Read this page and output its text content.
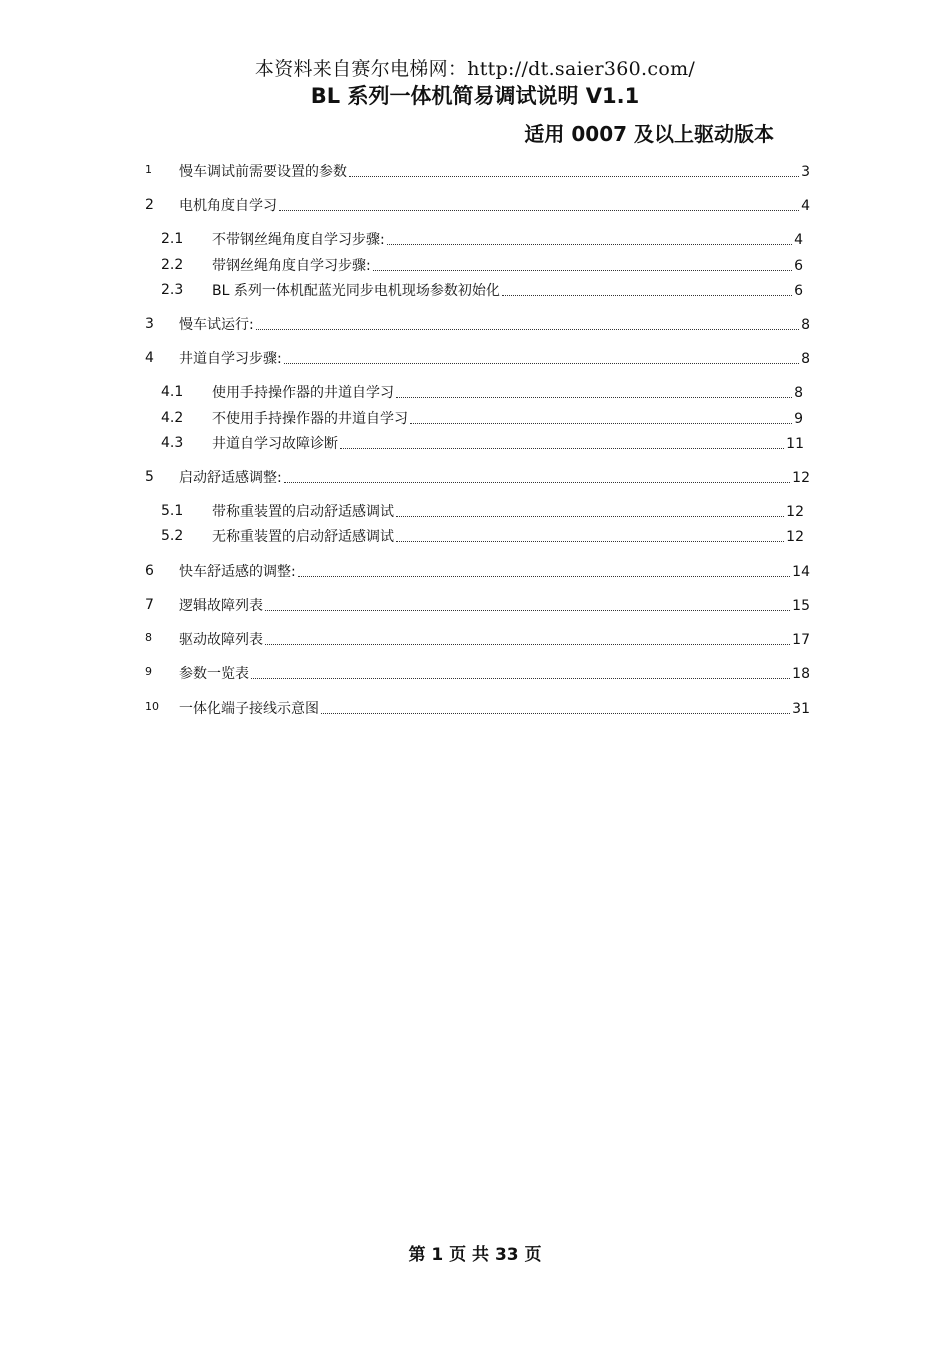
本资料来自赛尔电梯网：http://dt.saier360.com/
BL 系列一体机简易调试说明 V1.1
适用 0007 及以上驱动版本
1 慢车调试前需要设置的参数	3
2 电机角度自学习	4
2.1 不带钢丝绳角度自学习步骤:	4
2.2 带钢丝绳角度自学习步骤:	6
2.3 BL 系列一体机配蓝光同步电机现场参数初始化	6
3 慢车试运行:	8
4 井道自学习步骤:	8
4.1 使用手持操作器的井道自学习	8
4.2 不使用手持操作器的井道自学习	9
4.3 井道自学习故障诊断	11
5 启动舒适感调整:	12
5.1 带称重装置的启动舒适感调试	12
5.2 无称重装置的启动舒适感调试	12
6 快车舒适感的调整:	14
7 逻辑故障列表	15
8 驱动故障列表	17
9 参数一览表	18
10 一体化端子接线示意图	31
第 1 页 共 33 页
